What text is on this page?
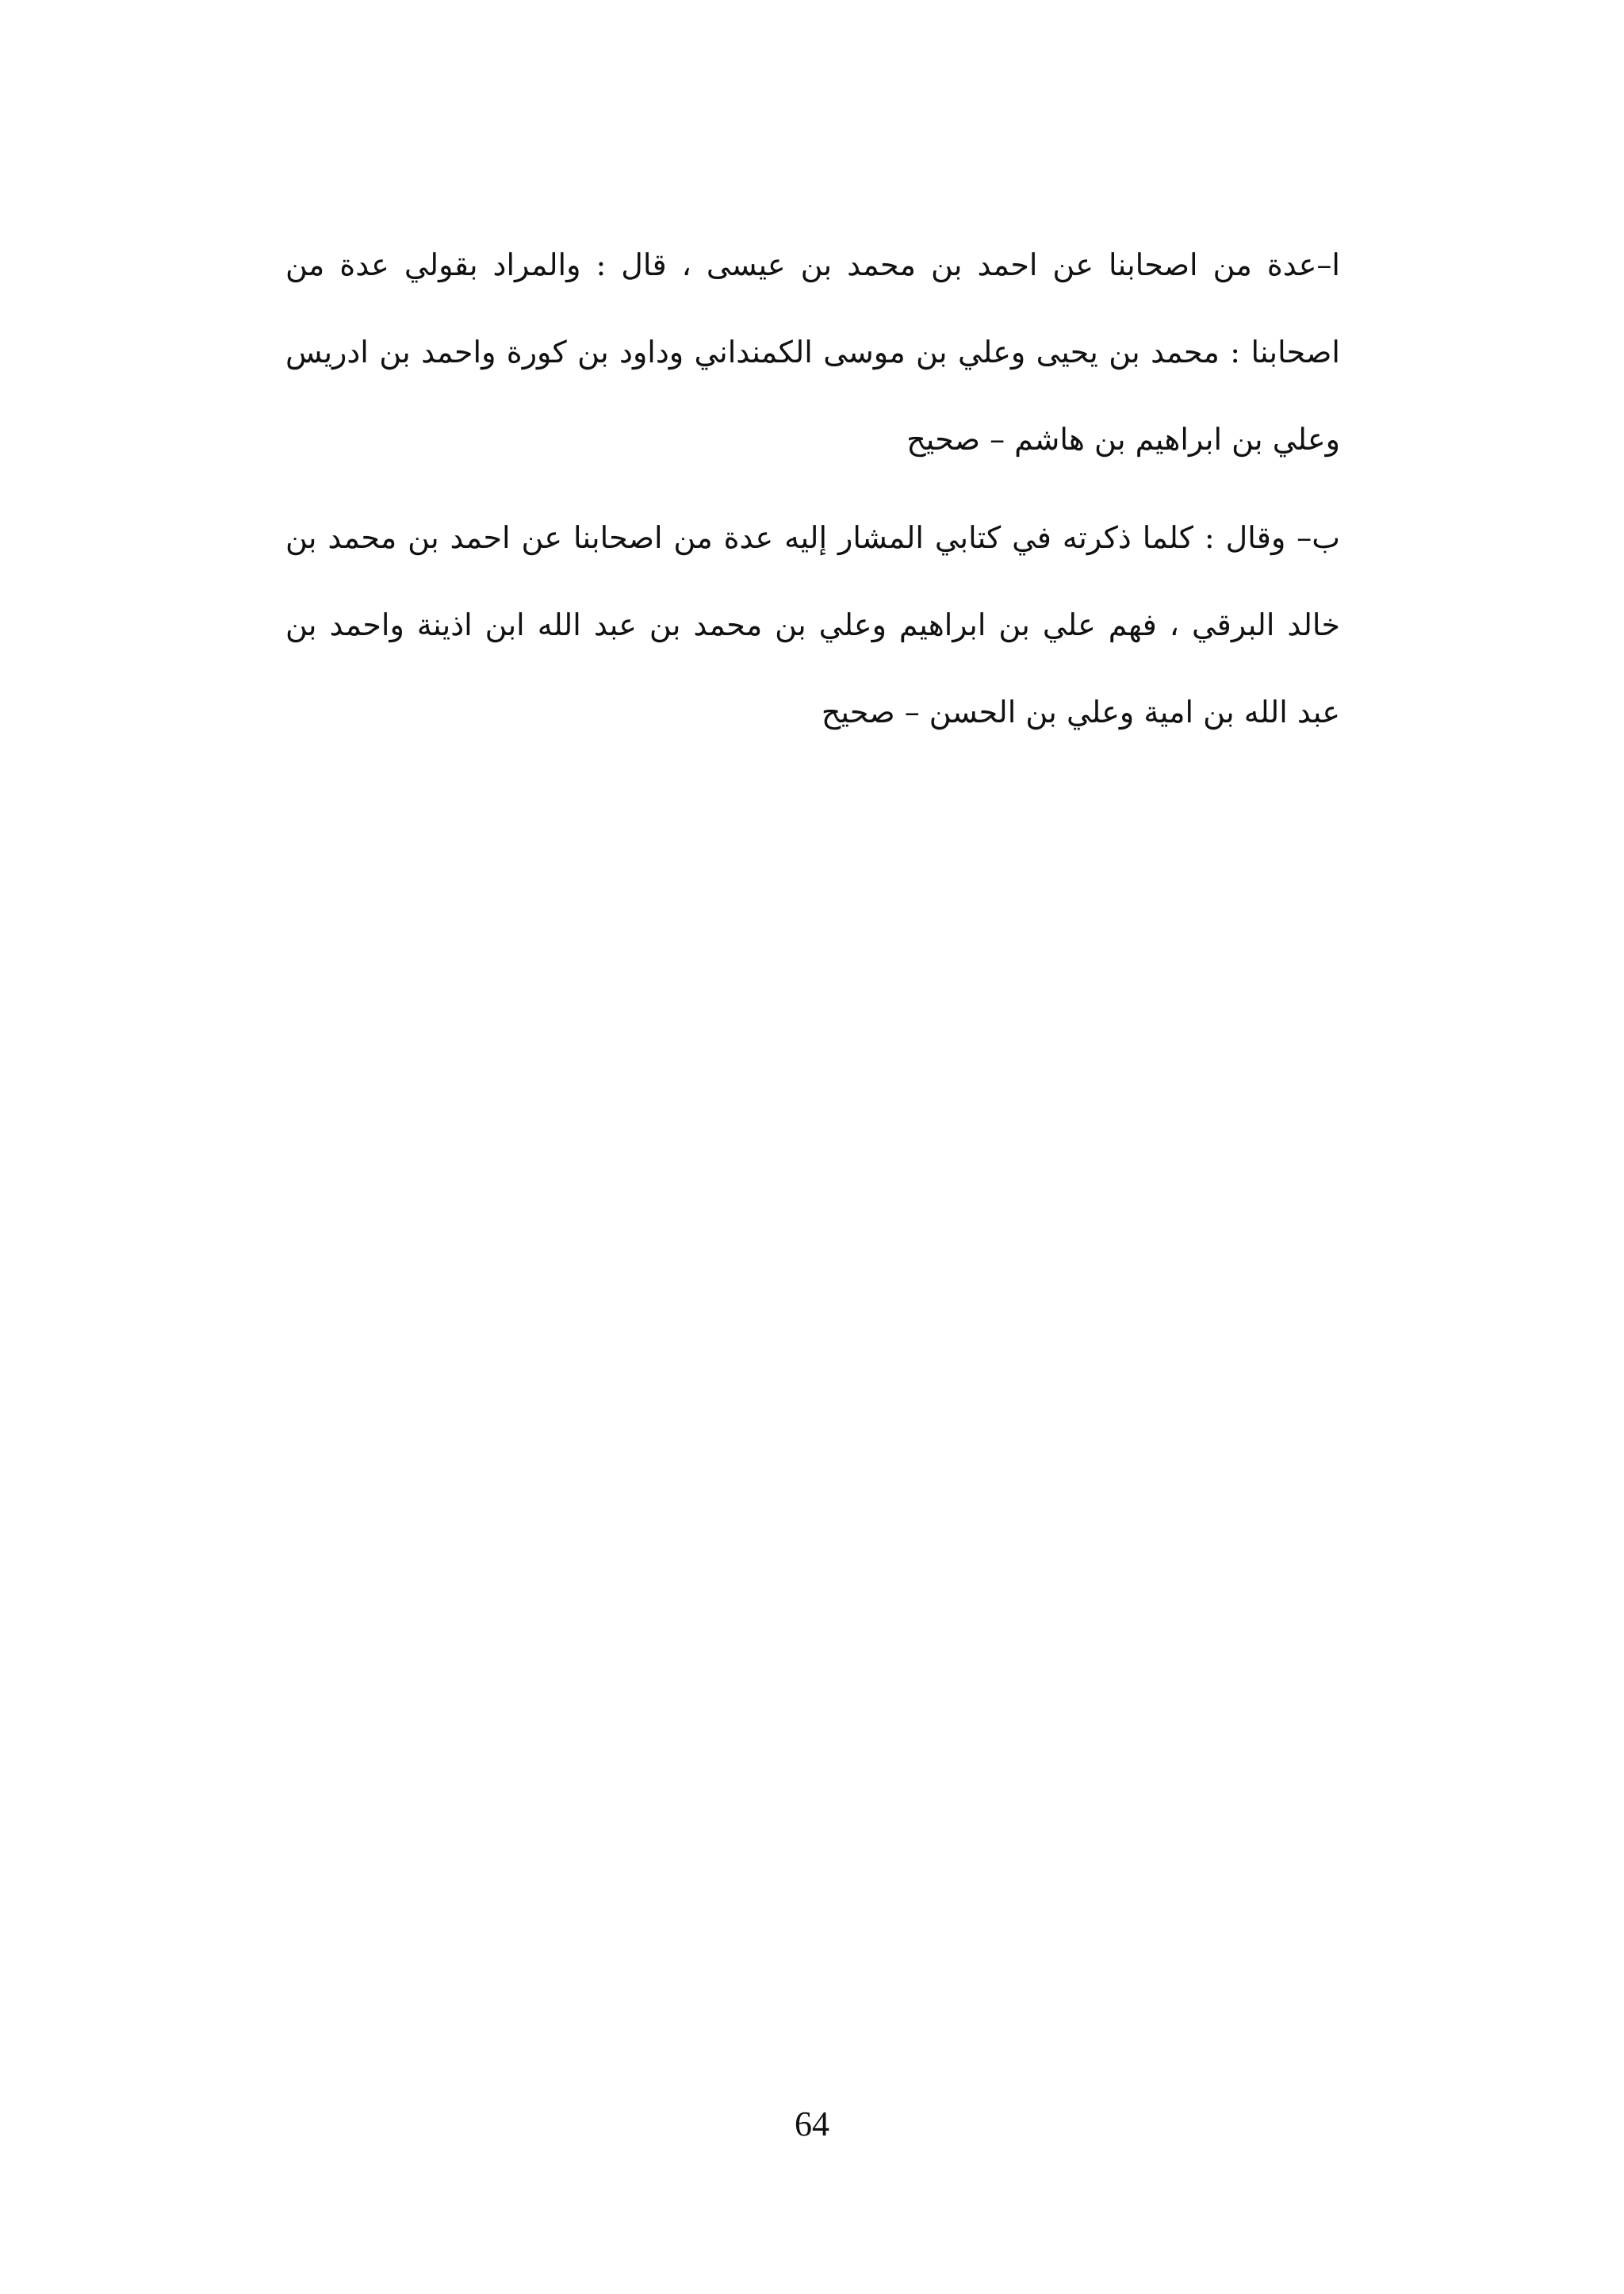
ا–عدة من اصحابنا عن احمد بن محمد بن عيسى ، قال : والمراد بقولي عدة من
اصحابنا : محمد بن يحيى وعلي بن موسى الكمنداني وداود بن كورة واحمد بن ادريس
وعلي بن ابراهيم بن هاشم – صحيح
ب– وقال : كلما ذكرته في كتابي المشار إليه عدة من اصحابنا عن احمد بن محمد بن
خالد البرقي ، فهم علي بن ابراهيم وعلي بن محمد بن عبد الله ابن اذينة واحمد بن
عبد الله بن امية وعلي بن الحسن – صحيح
64
